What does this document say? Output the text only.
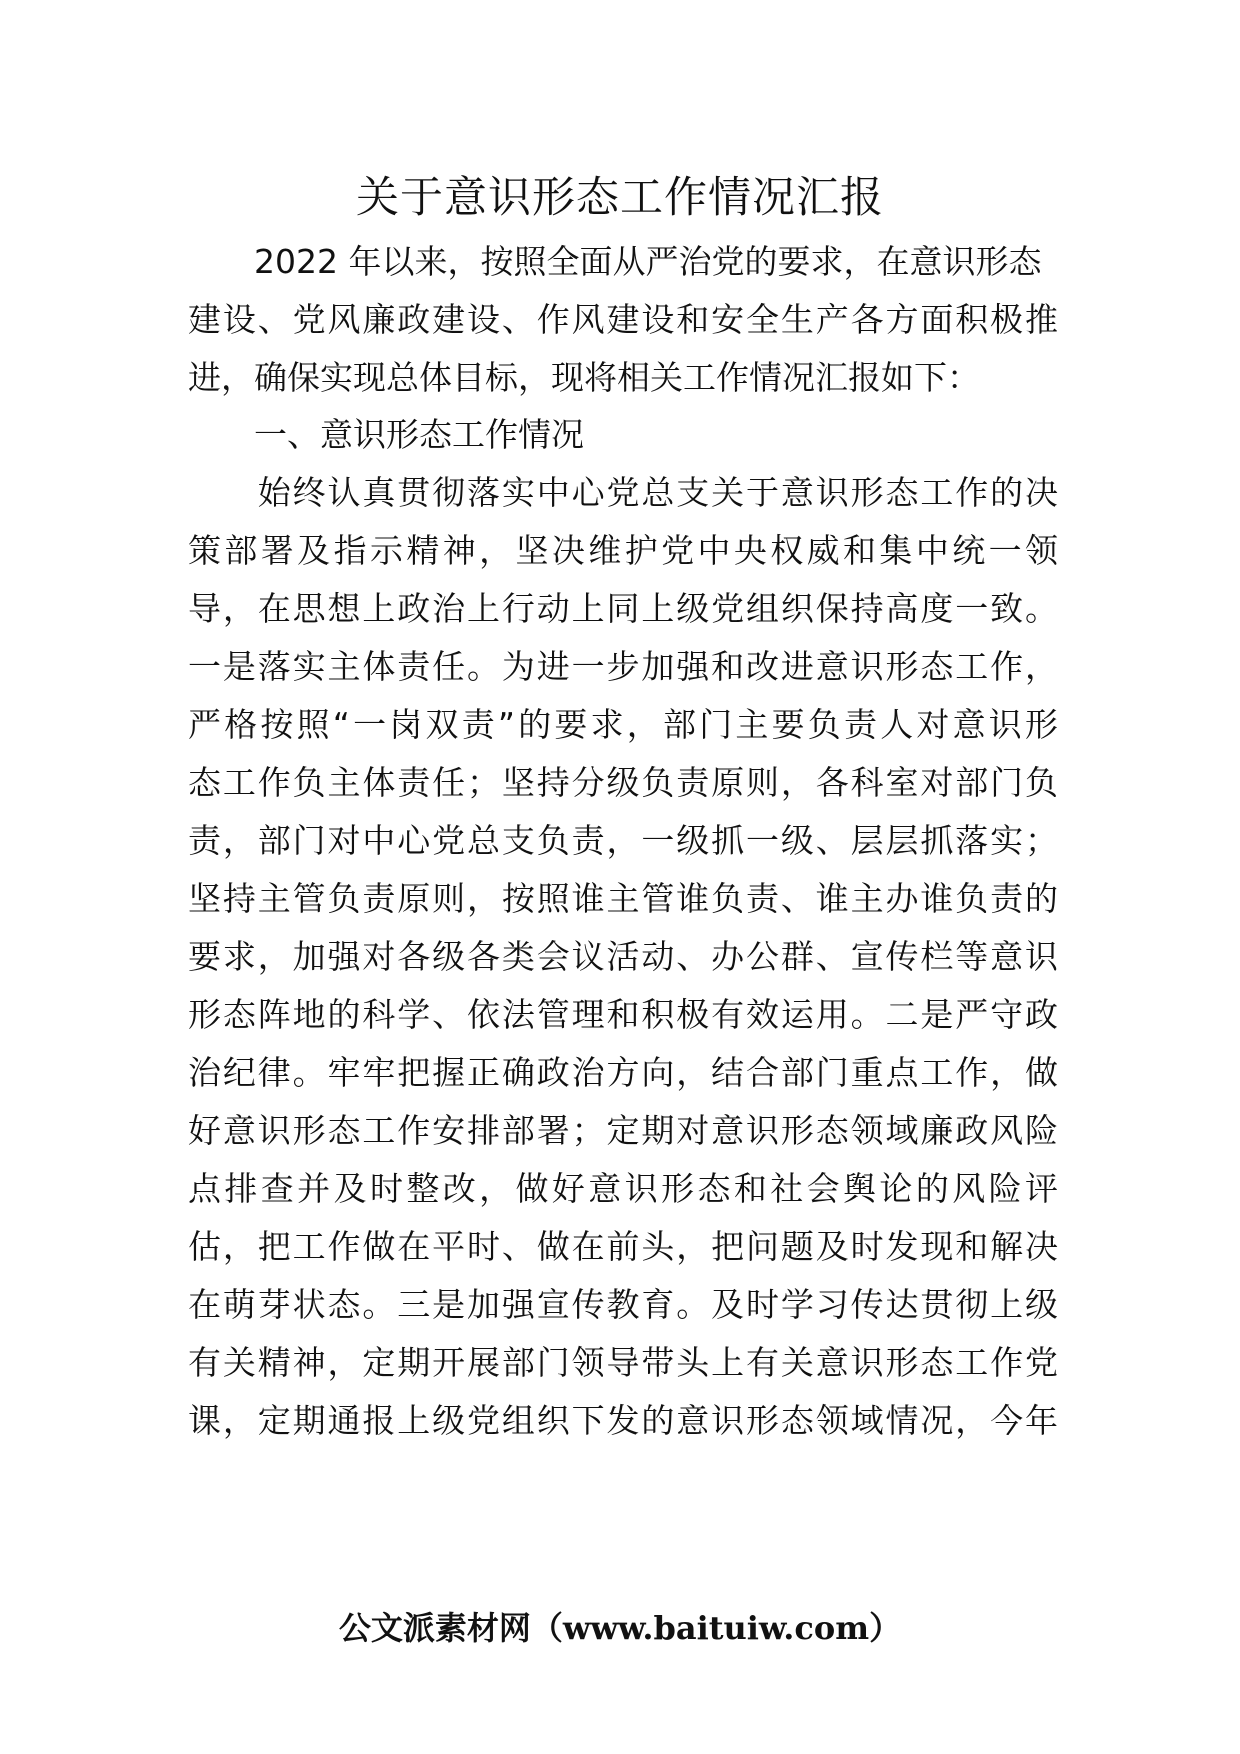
关于意识形态工作情况汇报

　　2022 年以来，按照全面从严治党的要求，在意识形态

建设、党风廉政建设、作风建设和安全生产各方面积极推

进，确保实现总体目标，现将相关工作情况汇报如下：

　　一、意识形态工作情况

　　始终认真贯彻落实中心党总支关于意识形态工作的决

策部署及指示精神，坚决维护党中央权威和集中统一领

导，在思想上政治上行动上同上级党组织保持高度一致。

一是落实主体责任。为进一步加强和改进意识形态工作，

严格按照“一岗双责”的要求，部门主要负责人对意识形

态工作负主体责任；坚持分级负责原则，各科室对部门负

责，部门对中心党总支负责，一级抓一级、层层抓落实；

坚持主管负责原则，按照谁主管谁负责、谁主办谁负责的

要求，加强对各级各类会议活动、办公群、宣传栏等意识

形态阵地的科学、依法管理和积极有效运用。二是严守政

治纪律。牢牢把握正确政治方向，结合部门重点工作，做

好意识形态工作安排部署；定期对意识形态领域廉政风险

点排查并及时整改，做好意识形态和社会舆论的风险评

估，把工作做在平时、做在前头，把问题及时发现和解决

在萌芽状态。三是加强宣传教育。及时学习传达贯彻上级

有关精神，定期开展部门领导带头上有关意识形态工作党

课，定期通报上级党组织下发的意识形态领域情况，今年

公文派素材网（www.baituiw.com）
